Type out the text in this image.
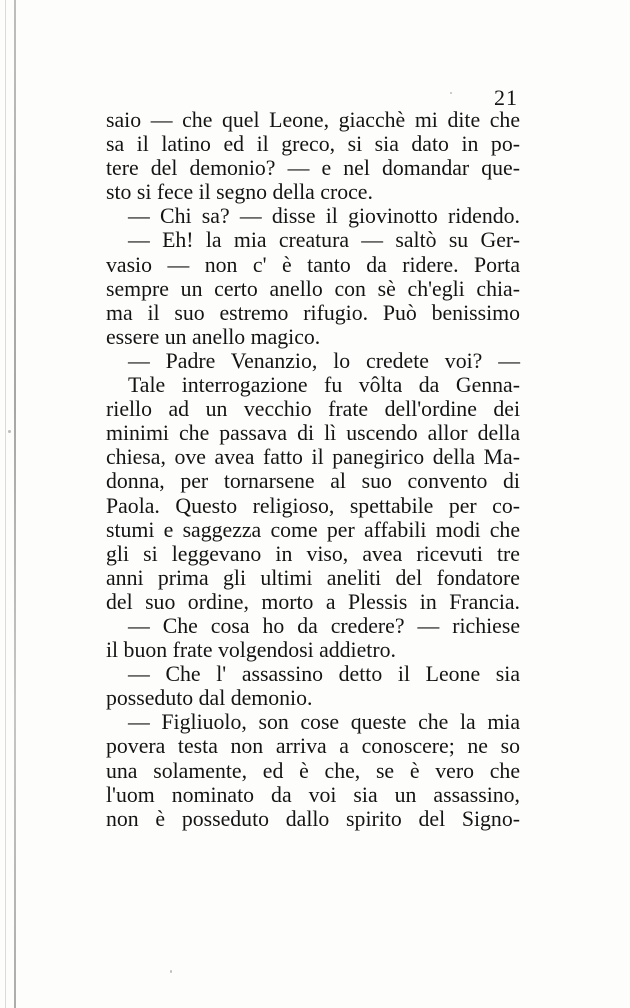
21
saio — che quel Leone, giacchè mi dite che
sa il latino ed il greco, si sia dato in po-
tere del demonio? — e nel domandar que-
sto si fece il segno della croce.
— Chi sa? — disse il giovinotto ridendo.
— Eh! la mia creatura — saltò su Ger-
vasio — non c' è tanto da ridere. Porta
sempre un certo anello con sè ch'egli chia-
ma il suo estremo rifugio. Può benissimo
essere un anello magico.
— Padre Venanzio, lo credete voi? —
Tale interrogazione fu vôlta da Genna-
riello ad un vecchio frate dell'ordine dei
minimi che passava di lì uscendo allor della
chiesa, ove avea fatto il panegirico della Ma-
donna, per tornarsene al suo convento di
Paola. Questo religioso, spettabile per co-
stumi e saggezza come per affabili modi che
gli si leggevano in viso, avea ricevuti tre
anni prima gli ultimi aneliti del fondatore
del suo ordine, morto a Plessis in Francia.
— Che cosa ho da credere? — richiese
il buon frate volgendosi addietro.
— Che l' assassino detto il Leone sia
posseduto dal demonio.
— Figliuolo, son cose queste che la mia
povera testa non arriva a conoscere; ne so
una solamente, ed è che, se è vero che
l'uom nominato da voi sia un assassino,
non è posseduto dallo spirito del Signo-
